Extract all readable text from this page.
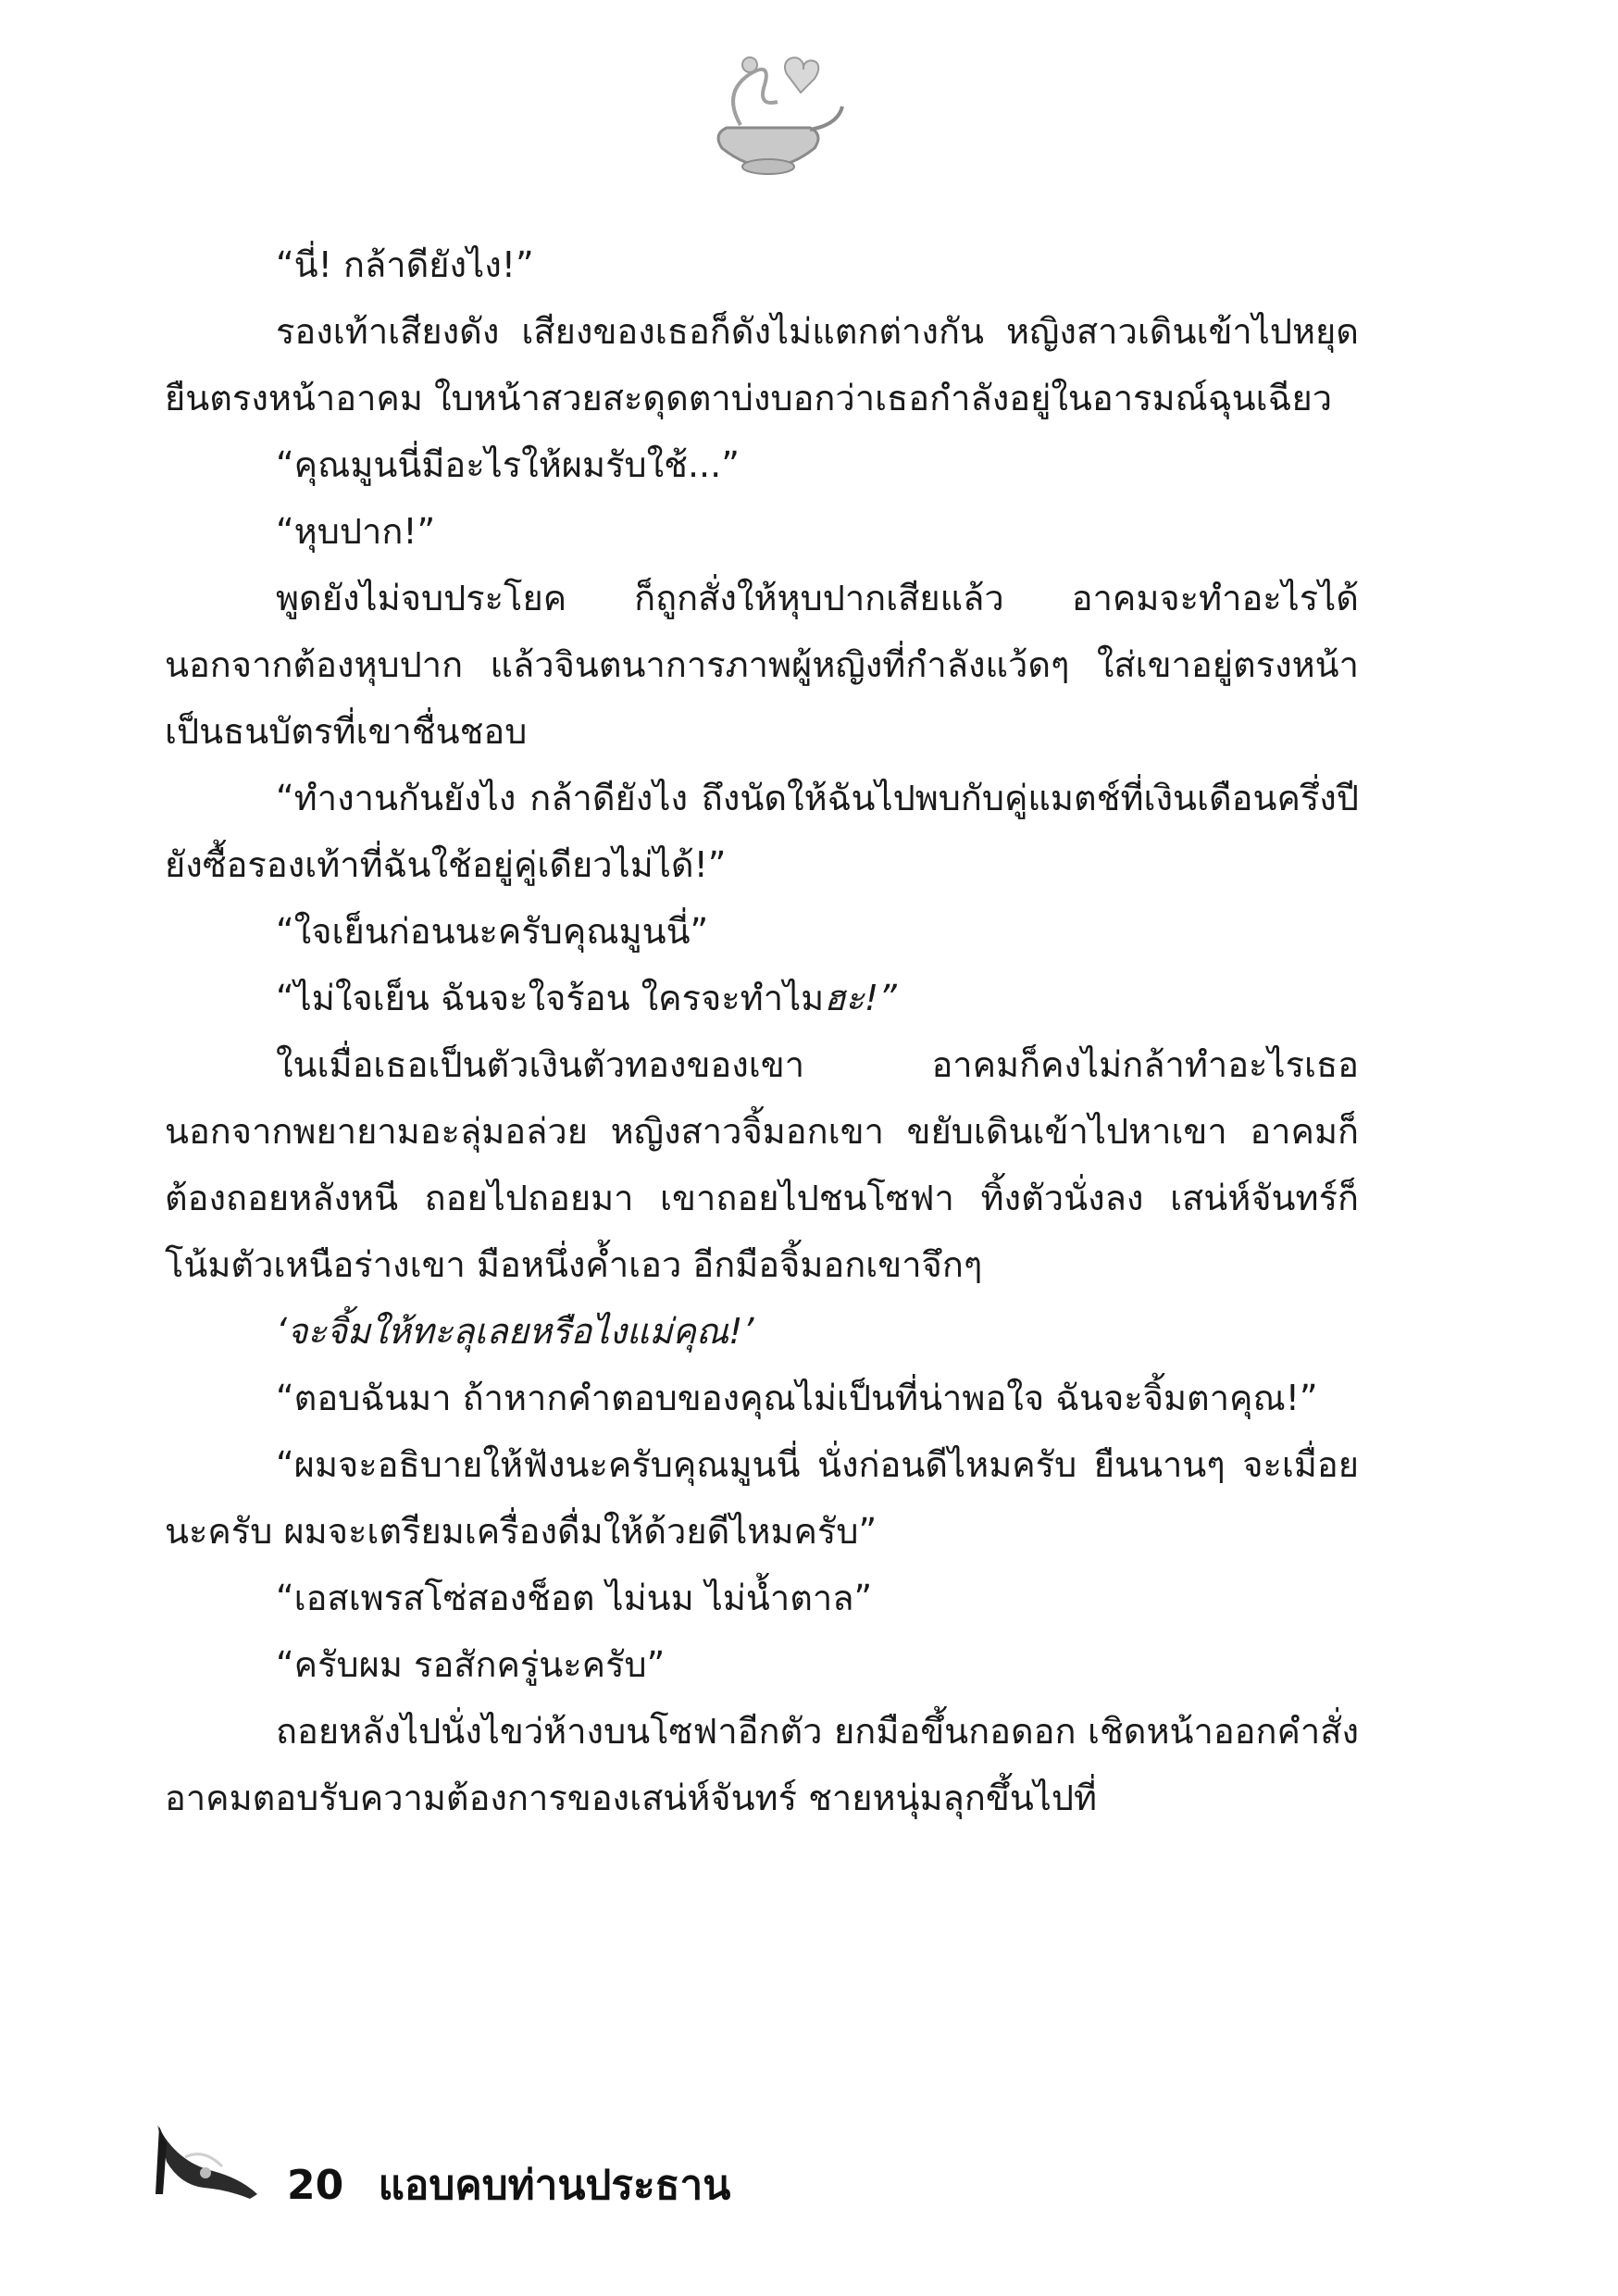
“นี่! กล้าดียังไง!”

รองเท้าเสียงดัง เสียงของเธอก็ดังไม่แตกต่างกัน หญิงสาวเดินเข้าไปหยุดยืนตรงหน้าอาคม ใบหน้าสวยสะดุดตาบ่งบอกว่าเธอกำลังอยู่ในอารมณ์ฉุนเฉียว

“คุณมูนนี่มีอะไรให้ผมรับใช้...”

“หุบปาก!”

พูดยังไม่จบประโยค ก็ถูกสั่งให้หุบปากเสียแล้ว อาคมจะทำอะไรได้นอกจากต้องหุบปาก แล้วจินตนาการภาพผู้หญิงที่กำลังแว้ดๆ ใส่เขาอยู่ตรงหน้าเป็นธนบัตรที่เขาชื่นชอบ

“ทำงานกันยังไง กล้าดียังไง ถึงนัดให้ฉันไปพบกับคู่แมตช์ที่เงินเดือนครึ่งปียังซื้อรองเท้าที่ฉันใช้อยู่คู่เดียวไม่ได้!”

“ใจเย็นก่อนนะครับคุณมูนนี่”

“ไม่ใจเย็น ฉันจะใจร้อน ใครจะทำไมฮะ!”

ในเมื่อเธอเป็นตัวเงินตัวทองของเขา อาคมก็คงไม่กล้าทำอะไรเธอนอกจากพยายามอะลุ่มอล่วย หญิงสาวจิ้มอกเขา ขยับเดินเข้าไปหาเขา อาคมก็ต้องถอยหลังหนี ถอยไปถอยมา เขาถอยไปชนโซฟา ทิ้งตัวนั่งลง เสน่ห์จันทร์ก็โน้มตัวเหนือร่างเขา มือหนึ่งค้ำเอว อีกมือจิ้มอกเขาจึกๆ

‘จะจิ้มให้ทะลุเลยหรือไงแม่คุณ!’

“ตอบฉันมา ถ้าหากคำตอบของคุณไม่เป็นที่น่าพอใจ ฉันจะจิ้มตาคุณ!”

“ผมจะอธิบายให้ฟังนะครับคุณมูนนี่ นั่งก่อนดีไหมครับ ยืนนานๆ จะเมื่อยนะครับ ผมจะเตรียมเครื่องดื่มให้ด้วยดีไหมครับ”

“เอสเพรสโซ่สองช็อต ไม่นม ไม่น้ำตาล”

“ครับผม รอสักครู่นะครับ”

ถอยหลังไปนั่งไขว่ห้างบนโซฟาอีกตัว ยกมือขึ้นกอดอก เชิดหน้าออกคำสั่ง อาคมตอบรับความต้องการของเสน่ห์จันทร์ ชายหนุ่มลุกขึ้นไปที่

20 แอบคบท่านประธาน
